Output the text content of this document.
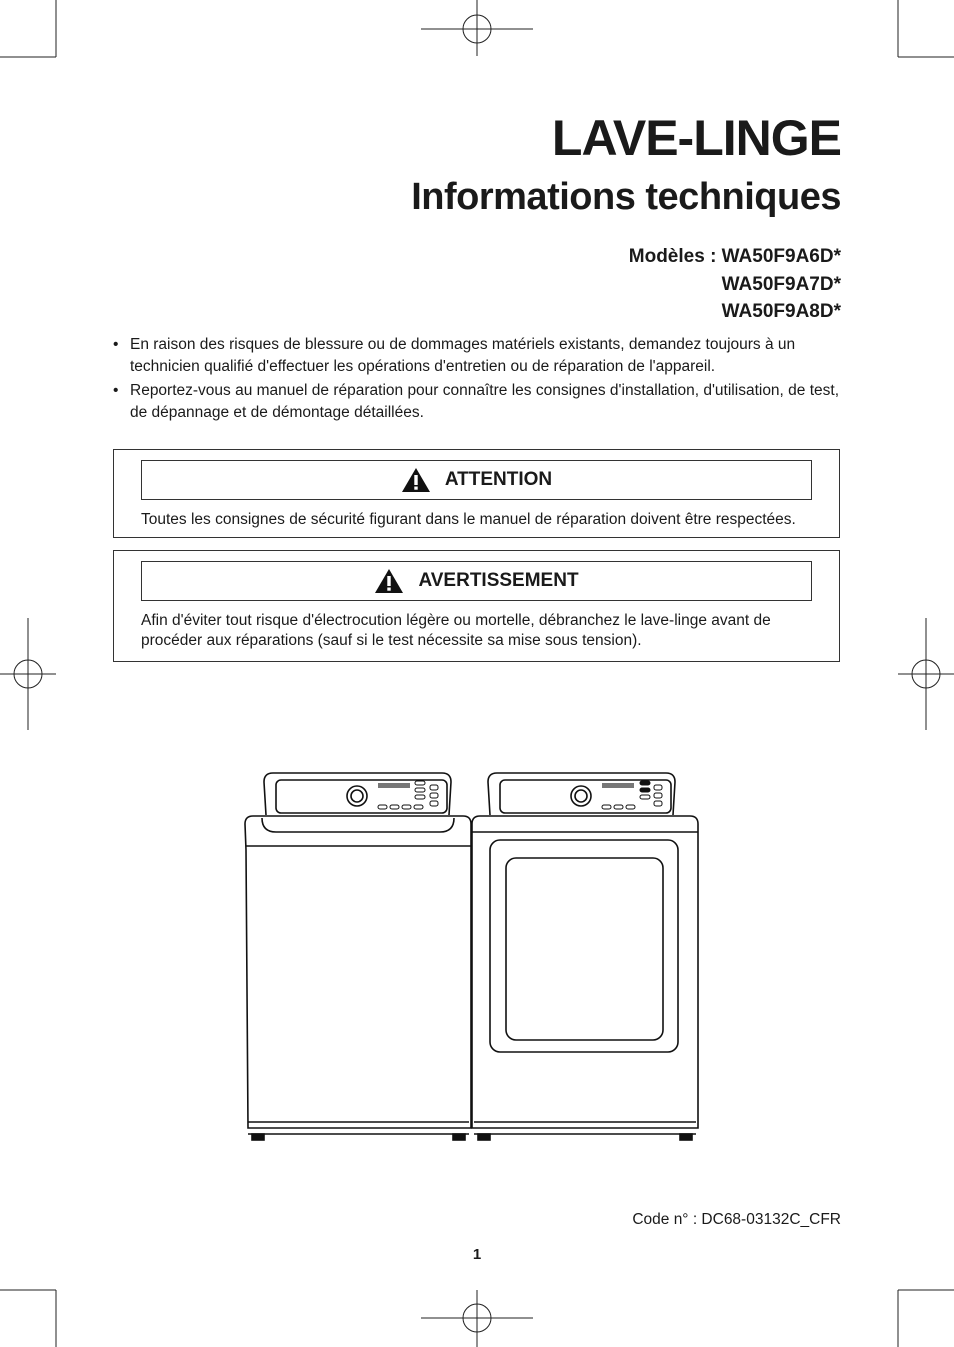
LAVE-LINGE
Informations techniques
Modèles : WA50F9A6D*
WA50F9A7D*
WA50F9A8D*
• En raison des risques de blessure ou de dommages matériels existants, demandez toujours à un technicien qualifié d'effectuer les opérations d'entretien ou de réparation de l'appareil.
• Reportez-vous au manuel de réparation pour connaître les consignes d'installation, d'utilisation, de test, de dépannage et de démontage détaillées.
ATTENTION
Toutes les consignes de sécurité figurant dans le manuel de réparation doivent être respectées.
AVERTISSEMENT
Afin d'éviter tout risque d'électrocution légère ou mortelle, débranchez le lave-linge avant de procéder aux réparations (sauf si le test nécessite sa mise sous tension).
Code n° : DC68-03132C_CFR
1
